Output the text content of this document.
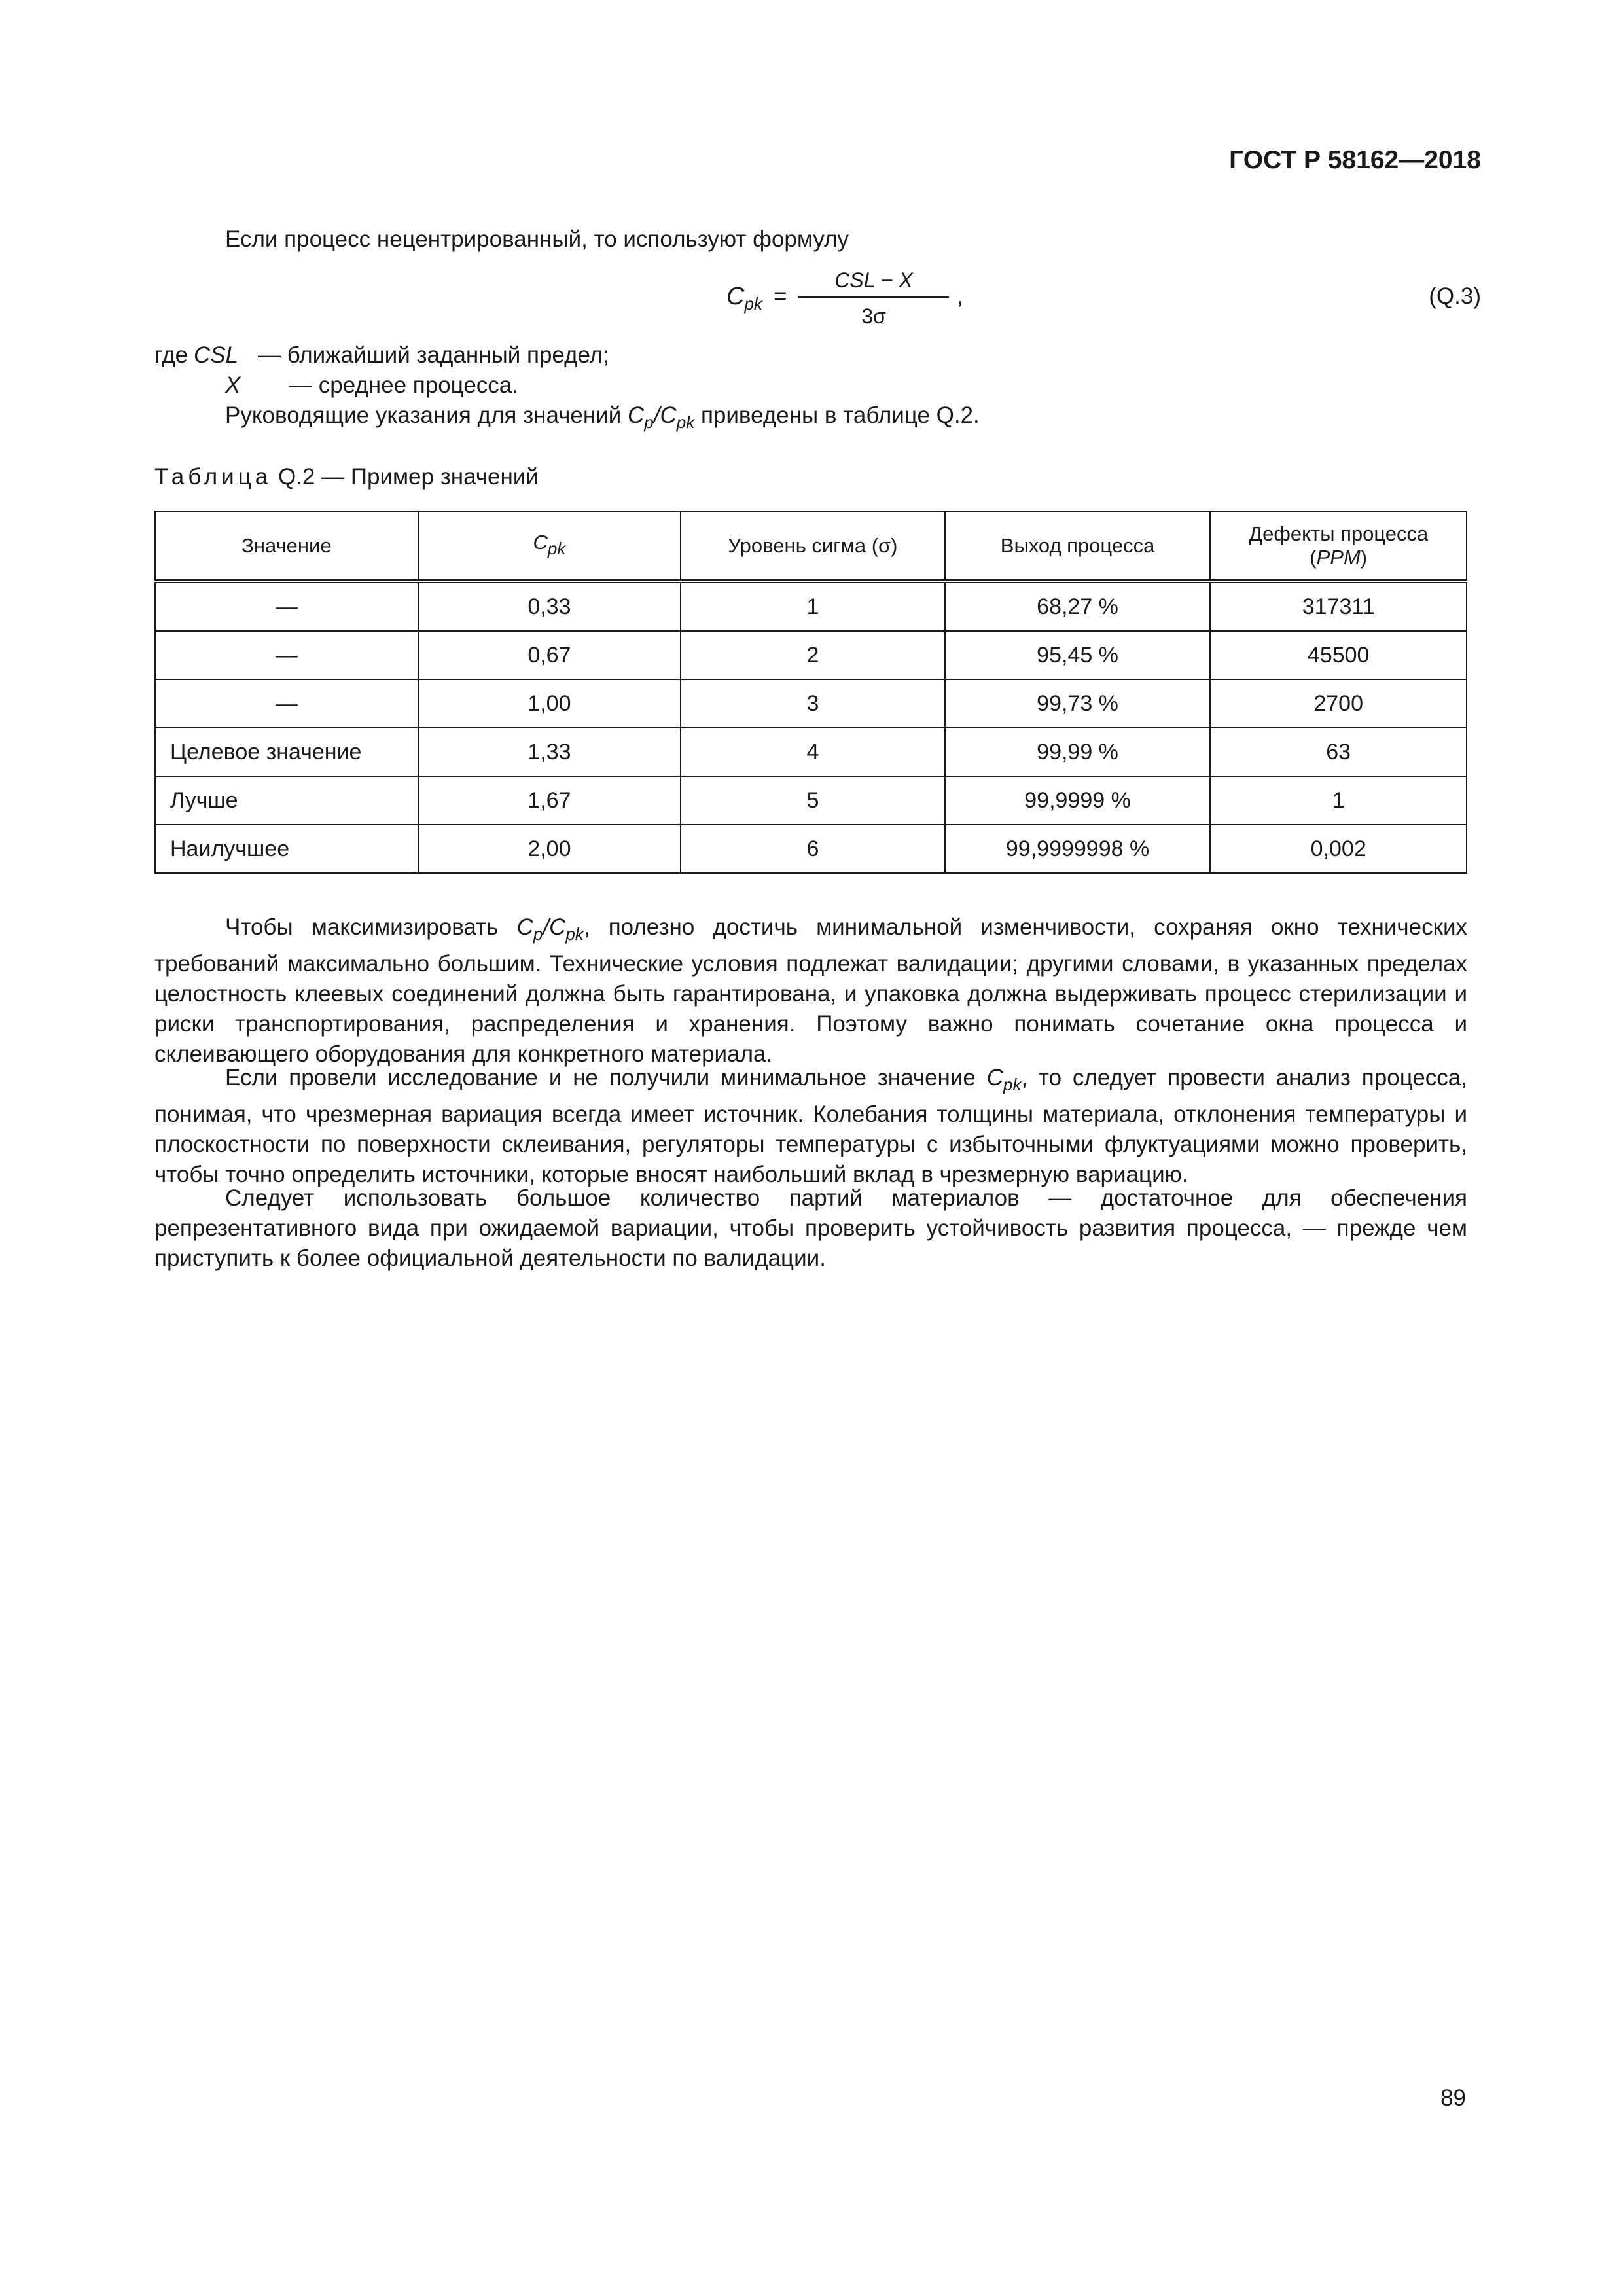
ГОСТ Р 58162—2018
Если процесс нецентрированный, то используют формулу
$C_{pk}$ =
CSL − X
3σ
,	(Q.3)
где CSL — ближайший заданный предел;
X — среднее процесса.
Руководящие указания для значений $C_p/C_{pk}$ приведены в таблице Q.2.
Таблица Q.2 — Пример значений
Значение	$C_{pk}$	Уровень сигма (σ)	Выход процесса	Дефекты процесса
(PPM)
—	0,33	1	68,27 %	317311
—	0,67	2	95,45 %	45500
—	1,00	3	99,73 %	2700
Целевое значение	1,33	4	99,99 %	63
Лучше	1,67	5	99,9999 %	1
Наилучшее	2,00	6	99,9999998 %	0,002

Чтобы максимизировать $C_p/C_{pk}$, полезно достичь минимальной изменчивости, сохраняя окно технических требований максимально большим. Технические условия подлежат валидации; другими словами, в указанных пределах целостность клеевых соединений должна быть гарантирована, и упаковка должна выдерживать процесс стерилизации и риски транспортирования, распределения и хранения. Поэтому важно понимать сочетание окна процесса и склеивающего оборудования для конкретного материала.

Если провели исследование и не получили минимальное значение $C_{pk}$, то следует провести анализ процесса, понимая, что чрезмерная вариация всегда имеет источник. Колебания толщины материала, отклонения температуры и плоскостности по поверхности склеивания, регуляторы температуры с избыточными флуктуациями можно проверить, чтобы точно определить источники, которые вносят наибольший вклад в чрезмерную вариацию.

Следует использовать большое количество партий материалов — достаточное для обеспечения репрезентативного вида при ожидаемой вариации, чтобы проверить устойчивость развития процесса, — прежде чем приступить к более официальной деятельности по валидации.

89
